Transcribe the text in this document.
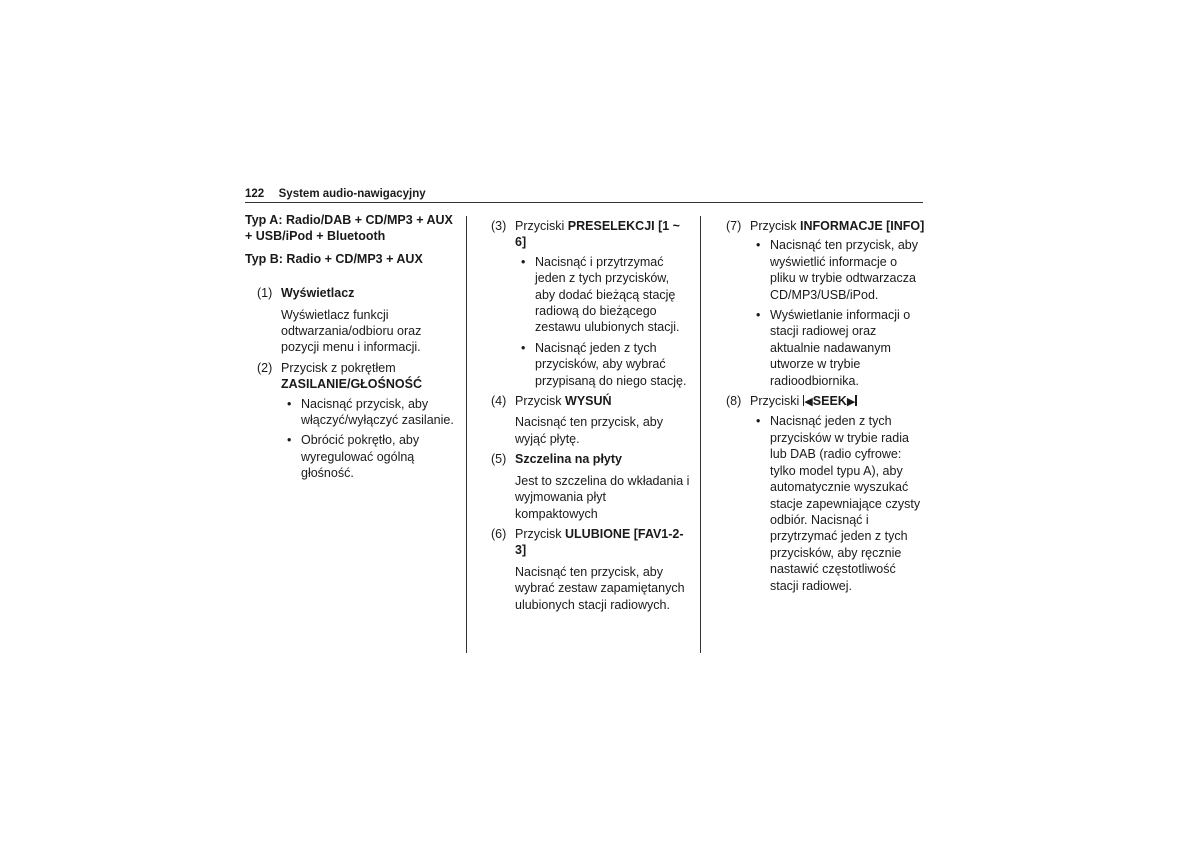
122 System audio-nawigacyjny
Typ A: Radio/DAB + CD/MP3 + AUX + USB/iPod + Bluetooth
Typ B: Radio + CD/MP3 + AUX
(1) Wyświetlacz
Wyświetlacz funkcji odtwarzania/odbioru oraz pozycji menu i informacji.
(2) Przycisk z pokrętłem
ZASILANIE/GŁOŚNOŚĆ
• Nacisnąć przycisk, aby włączyć/wyłączyć zasilanie.
• Obrócić pokrętło, aby wyregulować ogólną głośność.
(3) Przyciski PRESELEKCJI [1 ~ 6]
• Nacisnąć i przytrzymać jeden z tych przycisków, aby dodać bieżącą stację radiową do bieżącego zestawu ulubionych stacji.
• Nacisnąć jeden z tych przycisków, aby wybrać przypisaną do niego stację.
(4) Przycisk WYSUŃ
Nacisnąć ten przycisk, aby wyjąć płytę.
(5) Szczelina na płyty
Jest to szczelina do wkładania i wyjmowania płyt kompaktowych
(6) Przycisk ULUBIONE [FAV1-2-3]
Nacisnąć ten przycisk, aby wybrać zestaw zapamiętanych ulubionych stacji radiowych.
(7) Przycisk INFORMACJE [INFO]
• Nacisnąć ten przycisk, aby wyświetlić informacje o pliku w trybie odtwarzacza CD/MP3/USB/iPod.
• Wyświetlanie informacji o stacji radiowej oraz aktualnie nadawanym utworze w trybie radioodbiornika.
(8) Przyciski ◀SEEK▶
• Nacisnąć jeden z tych przycisków w trybie radia lub DAB (radio cyfrowe: tylko model typu A), aby automatycznie wyszukać stacje zapewniające czysty odbiór. Nacisnąć i przytrzymać jeden z tych przycisków, aby ręcznie nastawić częstotliwość stacji radiowej.
